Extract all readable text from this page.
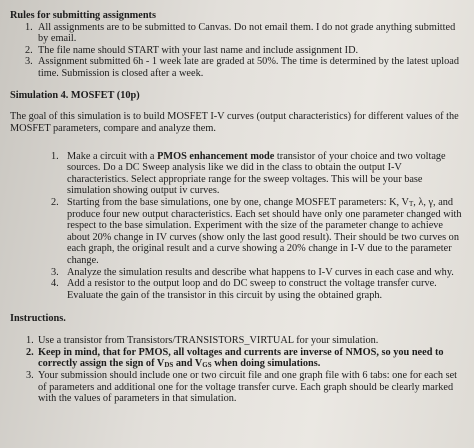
Rules for submitting assignments

1. All assignments are to be submitted to Canvas. Do not email them. I do not grade anything submitted by email.
2. The file name should START with your last name and include assignment ID.
3. Assignment submitted 6h - 1 week late are graded at 50%. The time is determined by the latest upload time. Submission is closed after a week.

Simulation 4. MOSFET (10p)

The goal of this simulation is to build MOSFET I-V curves (output characteristics) for different values of the MOSFET parameters, compare and analyze them.

1. Make a circuit with a PMOS enhancement mode transistor of your choice and two voltage sources. Do a DC Sweep analysis like we did in the class to obtain the output I-V characteristics. Select appropriate range for the sweep voltages. This will be your base simulation showing output iv curves.
2. Starting from the base simulations, one by one, change MOSFET parameters: K, $V_T$, λ, γ, and produce four new output characteristics. Each set should have only one parameter changed with respect to the base simulation. Experiment with the size of the parameter change to achieve about 20% change in IV curves (show only the last good result). Their should be two curves on each graph, the original result and a curve showing a 20% change in I-V due to the parameter change.
3. Analyze the simulation results and describe what happens to I-V curves in each case and why.
4. Add a resistor to the output loop and do DC sweep to construct the voltage transfer curve. Evaluate the gain of the transistor in this circuit by using the obtained graph.

Instructions.

1. Use a transistor from Transistors/TRANSISTORS_VIRTUAL for your simulation.
2. Keep in mind, that for PMOS, all voltages and currents are inverse of NMOS, so you need to correctly assign the sign of $V_{DS}$ and $V_{GS}$ when doing simulations.
3. Your submission should include one or two circuit file and one graph file with 6 tabs: one for each set of parameters and additional one for the voltage transfer curve. Each graph should be clearly marked with the values of parameters in that simulation.
